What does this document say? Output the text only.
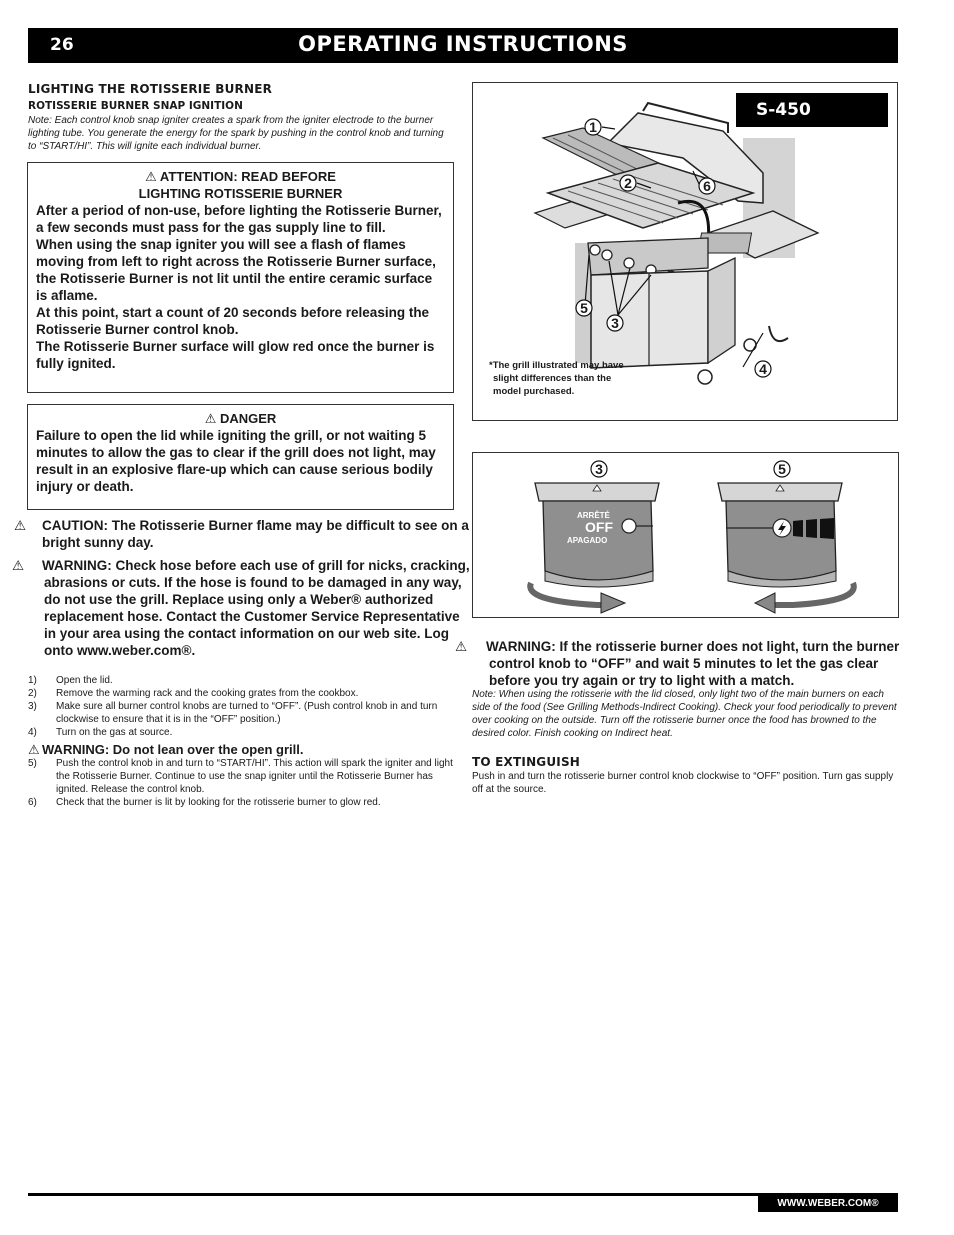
26	OPERATING INSTRUCTIONS
LIGHTING THE ROTISSERIE BURNER
ROTISSERIE BURNER SNAP IGNITION
Note: Each control knob snap igniter creates a spark from the igniter electrode to the burner lighting tube. You generate the energy for the spark by pushing in the control knob and turning to “START/HI”. This will ignite each individual burner.
⚠ ATTENTION: READ BEFORE
LIGHTING ROTISSERIE BURNER

After a period of non-use, before lighting the Rotisserie Burner, a few seconds must pass for the gas supply line to fill.

When using the snap igniter you will see a flash of flames moving from left to right across the Rotisserie Burner surface, the Rotisserie Burner is not lit until the entire ceramic surface is aflame.

At this point, start a count of 20 seconds before releasing the Rotisserie Burner control knob.

The Rotisserie Burner surface will glow red once the burner is fully ignited.

⚠ DANGER

Failure to open the lid while igniting the grill, or not waiting 5 minutes to allow the gas to clear if the grill does not light, may result in an explosive flare-up which can cause serious bodily injury or death.

⚠ CAUTION: The Rotisserie Burner flame may be difficult to see on a bright sunny day.
⚠ WARNING: Check hose before each use of grill for nicks, cracking, abrasions or cuts. If the hose is found to be damaged in any way, do not use the grill. Replace using only a Weber® authorized replacement hose. Contact the Customer Service Representative in your area using the contact information on our web site. Log onto www.weber.com®.
1) Open the lid.
2) Remove the warming rack and the cooking grates from the cookbox.
3) Make sure all burner control knobs are turned to “OFF”. (Push control knob in and turn clockwise to ensure that it is in the “OFF” position.)
4) Turn on the gas at source.
⚠ WARNING: Do not lean over the open grill.
5) Push the control knob in and turn to “START/HI”. This action will spark the igniter and light the Rotisserie Burner. Continue to use the snap igniter until the Rotisserie Burner has ignited. Release the control knob.
6) Check that the burner is lit by looking for the rotisserie burner to glow red.
S-450
1
2	6
5
3
4
*The grill illustrated may have
slight differences than the
model purchased.
3	5
ARRÊTÉ
OFF
APAGADO
⚠ WARNING: If the rotisserie burner does not light, turn the burner control knob to “OFF” and wait 5 minutes to let the gas clear before you try again or try to light with a match.
Note: When using the rotisserie with the lid closed, only light two of the main burners on each side of the food (See Grilling Methods-Indirect Cooking). Check your food periodically to prevent over cooking on the outside. Turn off the rotisserie burner once the food has browned to the desired color. Finish cooking on Indirect heat.
TO EXTINGUISH
Push in and turn the rotisserie burner control knob clockwise to “OFF” position. Turn gas supply off at the source.
WWW.WEBER.COM®
